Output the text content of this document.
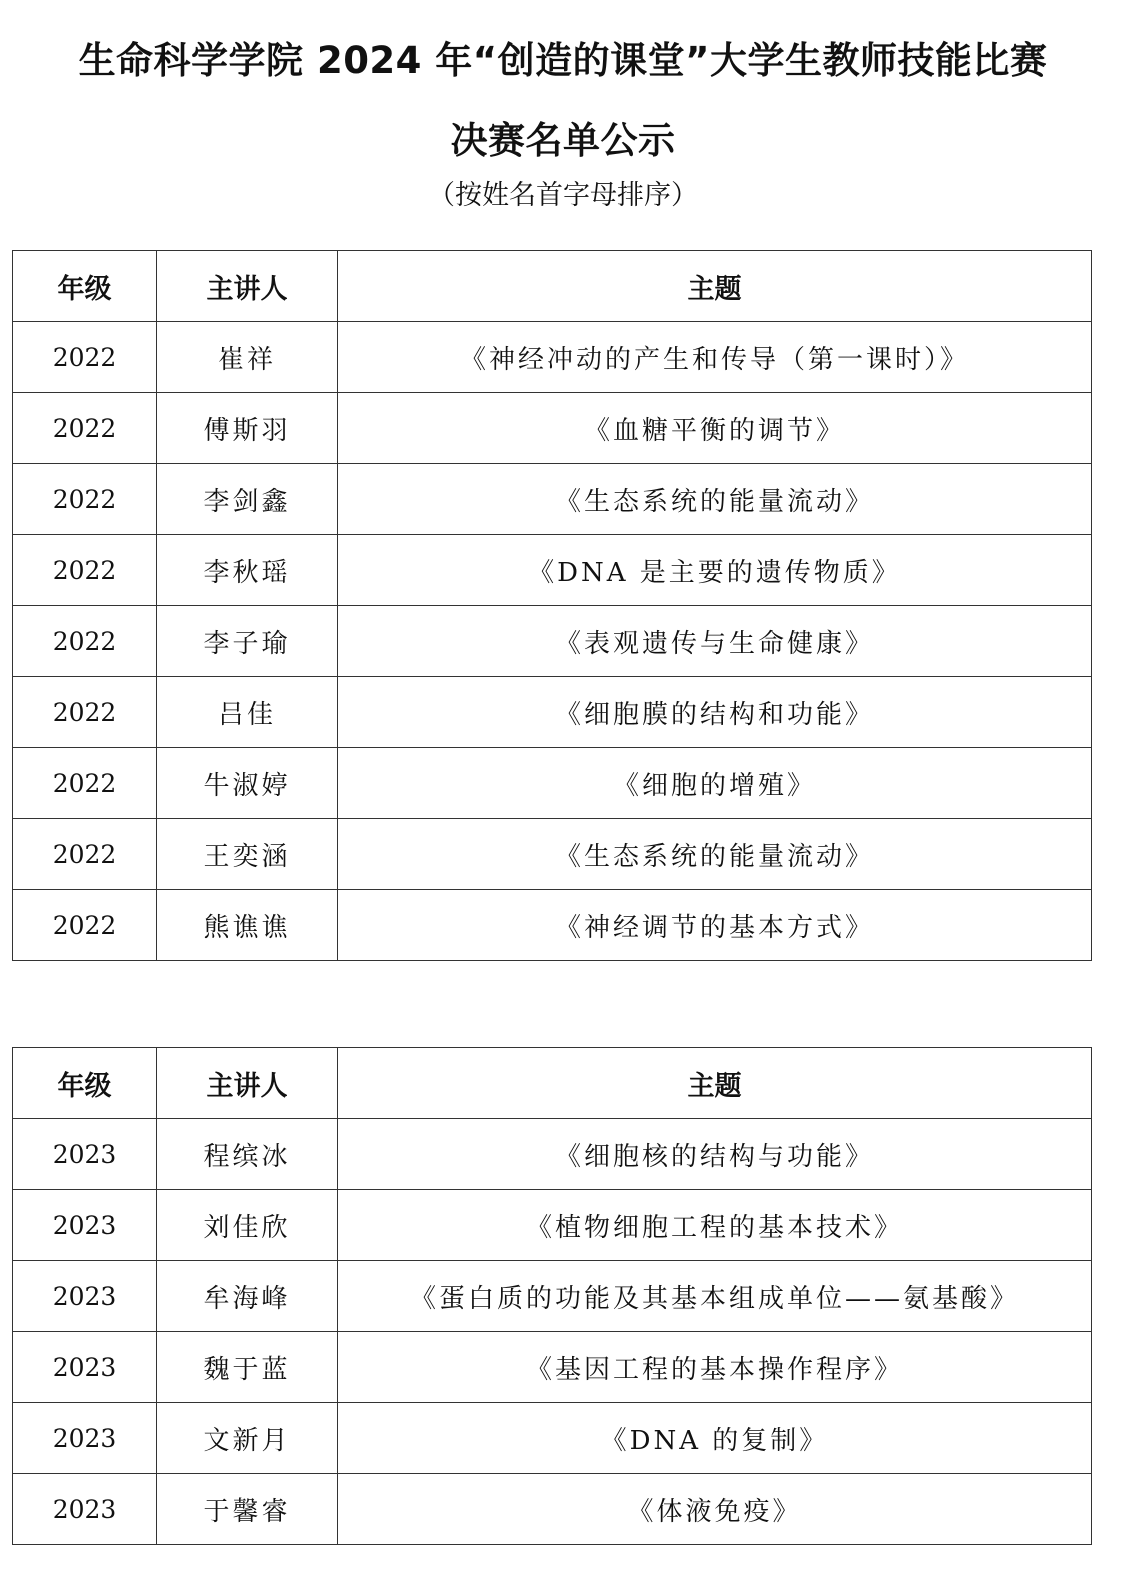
生命科学学院 2024 年“创造的课堂”大学生教师技能比赛
决赛名单公示
（按姓名首字母排序）
年级	主讲人	主题
2022	崔祥	《神经冲动的产生和传导（第一课时）》
2022	傅斯羽	《血糖平衡的调节》
2022	李剑鑫	《生态系统的能量流动》
2022	李秋瑶	《DNA 是主要的遗传物质》
2022	李子瑜	《表观遗传与生命健康》
2022	吕佳	《细胞膜的结构和功能》
2022	牛淑婷	《细胞的增殖》
2022	王奕涵	《生态系统的能量流动》
2022	熊谯谯	《神经调节的基本方式》
年级	主讲人	主题
2023	程缤冰	《细胞核的结构与功能》
2023	刘佳欣	《植物细胞工程的基本技术》
2023	牟海峰	《蛋白质的功能及其基本组成单位——氨基酸》
2023	魏于蓝	《基因工程的基本操作程序》
2023	文新月	《DNA 的复制》
2023	于馨睿	《体液免疫》
